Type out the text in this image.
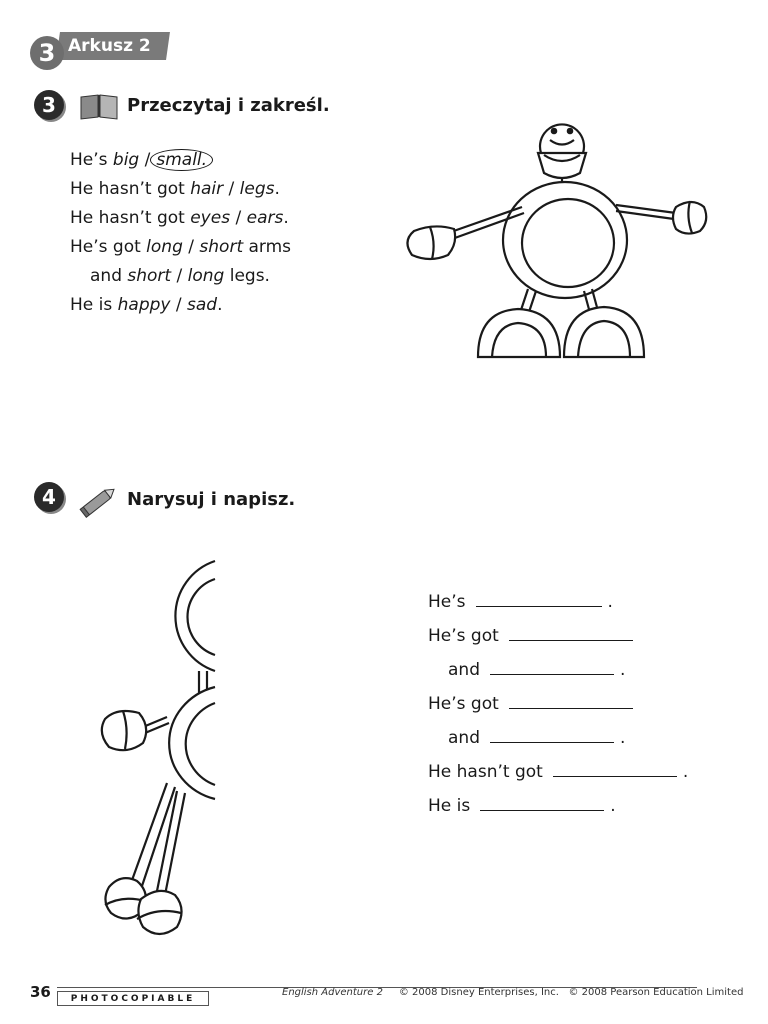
Arkusz 2
3
3	Przeczytaj i zakreśl.
He’s big / small.
He hasn’t got hair / legs.
He hasn’t got eyes / ears.
He’s got long / short arms
and short / long legs.
He is happy / sad.
4	Narysuj i napisz.
He’s	.
He’s got
and	.
He’s got
and	.
He hasn’t got	.
He is	.
36	PHOTOCOPIABLE
English Adventure 2 © 2008 Disney Enterprises, Inc. © 2008 Pearson Education Limited
